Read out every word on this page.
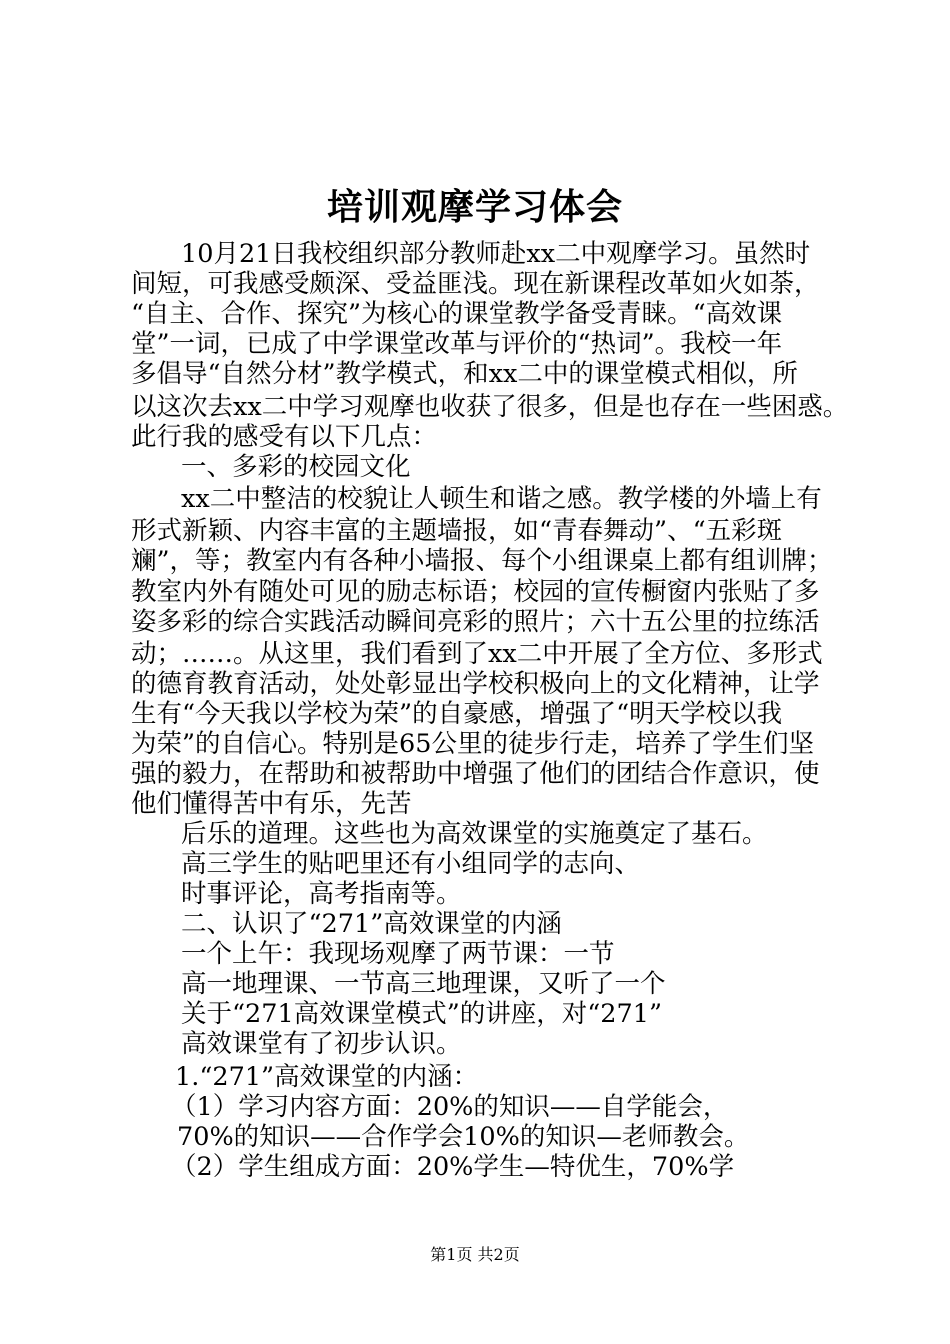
培训观摩学习体会
10月21日我校组织部分教师赴xx二中观摩学习。虽然时
间短，可我感受颇深、受益匪浅。现在新课程改革如火如荼，
“自主、合作、探究”为核心的课堂教学备受青睐。“高效课
堂”一词，已成了中学课堂改革与评价的“热词”。我校一年
多倡导“自然分材”教学模式，和xx二中的课堂模式相似，所
以这次去xx二中学习观摩也收获了很多，但是也存在一些困惑。
此行我的感受有以下几点：
一、多彩的校园文化
xx二中整洁的校貌让人顿生和谐之感。教学楼的外墙上有
形式新颖、内容丰富的主题墙报，如“青春舞动”、“五彩斑
斓”，等；教室内有各种小墙报、每个小组课桌上都有组训牌；
教室内外有随处可见的励志标语；校园的宣传橱窗内张贴了多
姿多彩的综合实践活动瞬间亮彩的照片；六十五公里的拉练活
动；……。从这里，我们看到了xx二中开展了全方位、多形式
的德育教育活动，处处彰显出学校积极向上的文化精神，让学
生有“今天我以学校为荣”的自豪感，增强了“明天学校以我
为荣”的自信心。特别是65公里的徒步行走，培养了学生们坚
强的毅力，在帮助和被帮助中增强了他们的团结合作意识，使
他们懂得苦中有乐，先苦
后乐的道理。这些也为高效课堂的实施奠定了基石。
高三学生的贴吧里还有小组同学的志向、
时事评论，高考指南等。
二、认识了“271”高效课堂的内涵
一个上午：我现场观摩了两节课：一节
高一地理课、一节高三地理课，又听了一个
关于“271高效课堂模式”的讲座，对“271”
高效课堂有了初步认识。
1.“271”高效课堂的内涵：
（1）学习内容方面：20%的知识——自学能会，
70%的知识——合作学会10%的知识—老师教会。
（2）学生组成方面：20%学生—特优生，70%学
第1页 共2页
